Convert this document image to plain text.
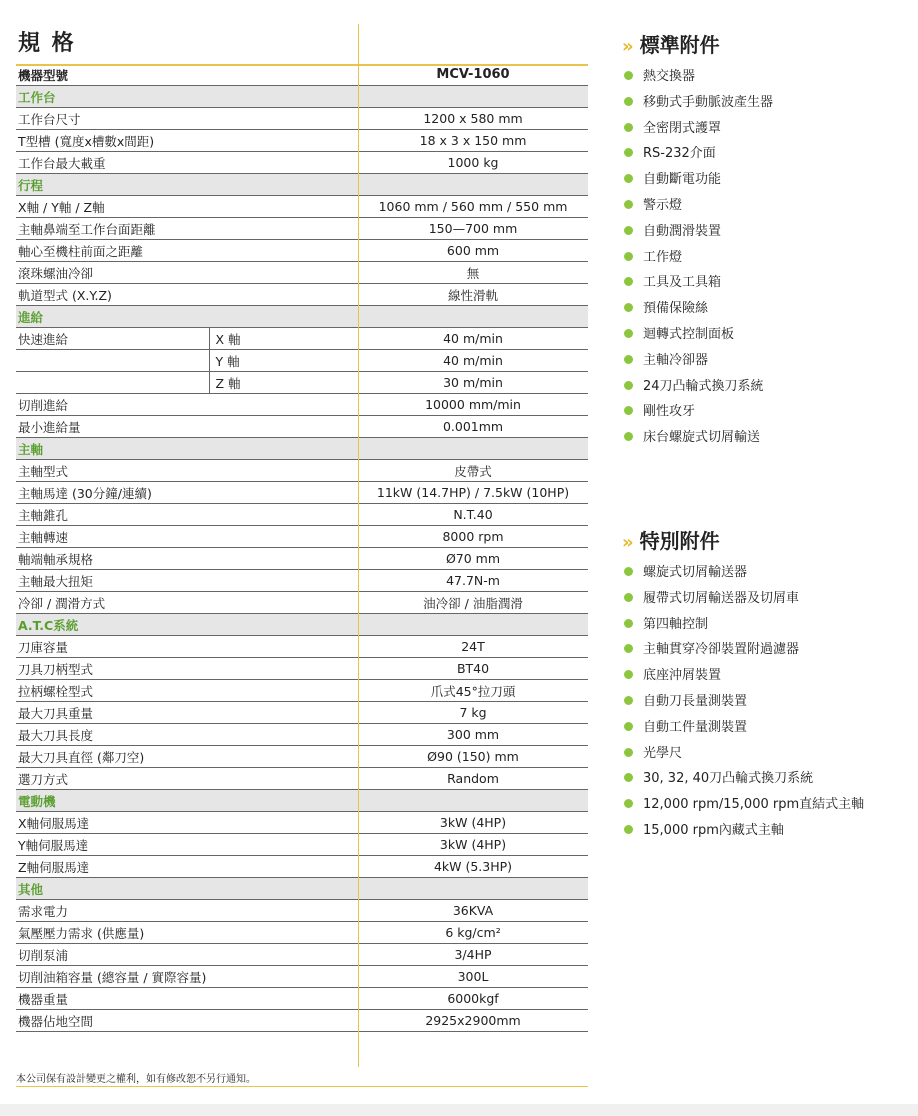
規 格
機器型號		MCV-1060
工作台		
工作台尺寸		1200 x 580 mm
T型槽 (寬度x槽數x間距)		18 x 3 x 150 mm
工作台最大載重		1000 kg
行程		
X軸 / Y軸 / Z軸		1060 mm / 560 mm / 550 mm
主軸鼻端至工作台面距離		150—700 mm
軸心至機柱前面之距離		600 mm
滾珠螺油冷卻		無
軌道型式 (X.Y.Z)		線性滑軌
進給		
快速進給	X 軸	40 m/min
	Y 軸	40 m/min
	Z 軸	30 m/min
切削進給		10000 mm/min
最小進給量		0.001mm
主軸		
主軸型式		皮帶式
主軸馬達 (30分鐘/連續)		11kW (14.7HP) / 7.5kW (10HP)
主軸錐孔		N.T.40
主軸轉速		8000 rpm
軸端軸承規格		Ø70 mm
主軸最大扭矩		47.7N-m
冷卻 / 潤滑方式		油冷卻 / 油脂潤滑
A.T.C系統		
刀庫容量		24T
刀具刀柄型式		BT40
拉柄螺栓型式		爪式45°拉刀頭
最大刀具重量		7 kg
最大刀具長度		300 mm
最大刀具直徑 (鄰刀空)		Ø90 (150) mm
選刀方式		Random
電動機		
X軸伺服馬達		3kW (4HP)
Y軸伺服馬達		3kW (4HP)
Z軸伺服馬達		4kW (5.3HP)
其他		
需求電力		36KVA
氣壓壓力需求 (供應量)		6 kg/cm²
切削泵浦		3/4HP
切削油箱容量 (總容量 / 實際容量)		300L
機器重量		6000kgf
機器佔地空間		2925x2900mm
本公司保有設計變更之權利，如有修改恕不另行通知。
» 標準附件
熱交換器
移動式手動脈波產生器
全密閉式護罩
RS-232介面
自動斷電功能
警示燈
自動潤滑裝置
工作燈
工具及工具箱
預備保險絲
迴轉式控制面板
主軸冷卻器
24刀凸輪式換刀系統
剛性攻牙
床台螺旋式切屑輸送
» 特別附件
螺旋式切屑輸送器
履帶式切屑輸送器及切屑車
第四軸控制
主軸貫穿冷卻裝置附過濾器
底座沖屑裝置
自動刀長量測裝置
自動工件量測裝置
光學尺
30, 32, 40刀凸輪式換刀系統
12,000 rpm/15,000 rpm直結式主軸
15,000 rpm內藏式主軸
